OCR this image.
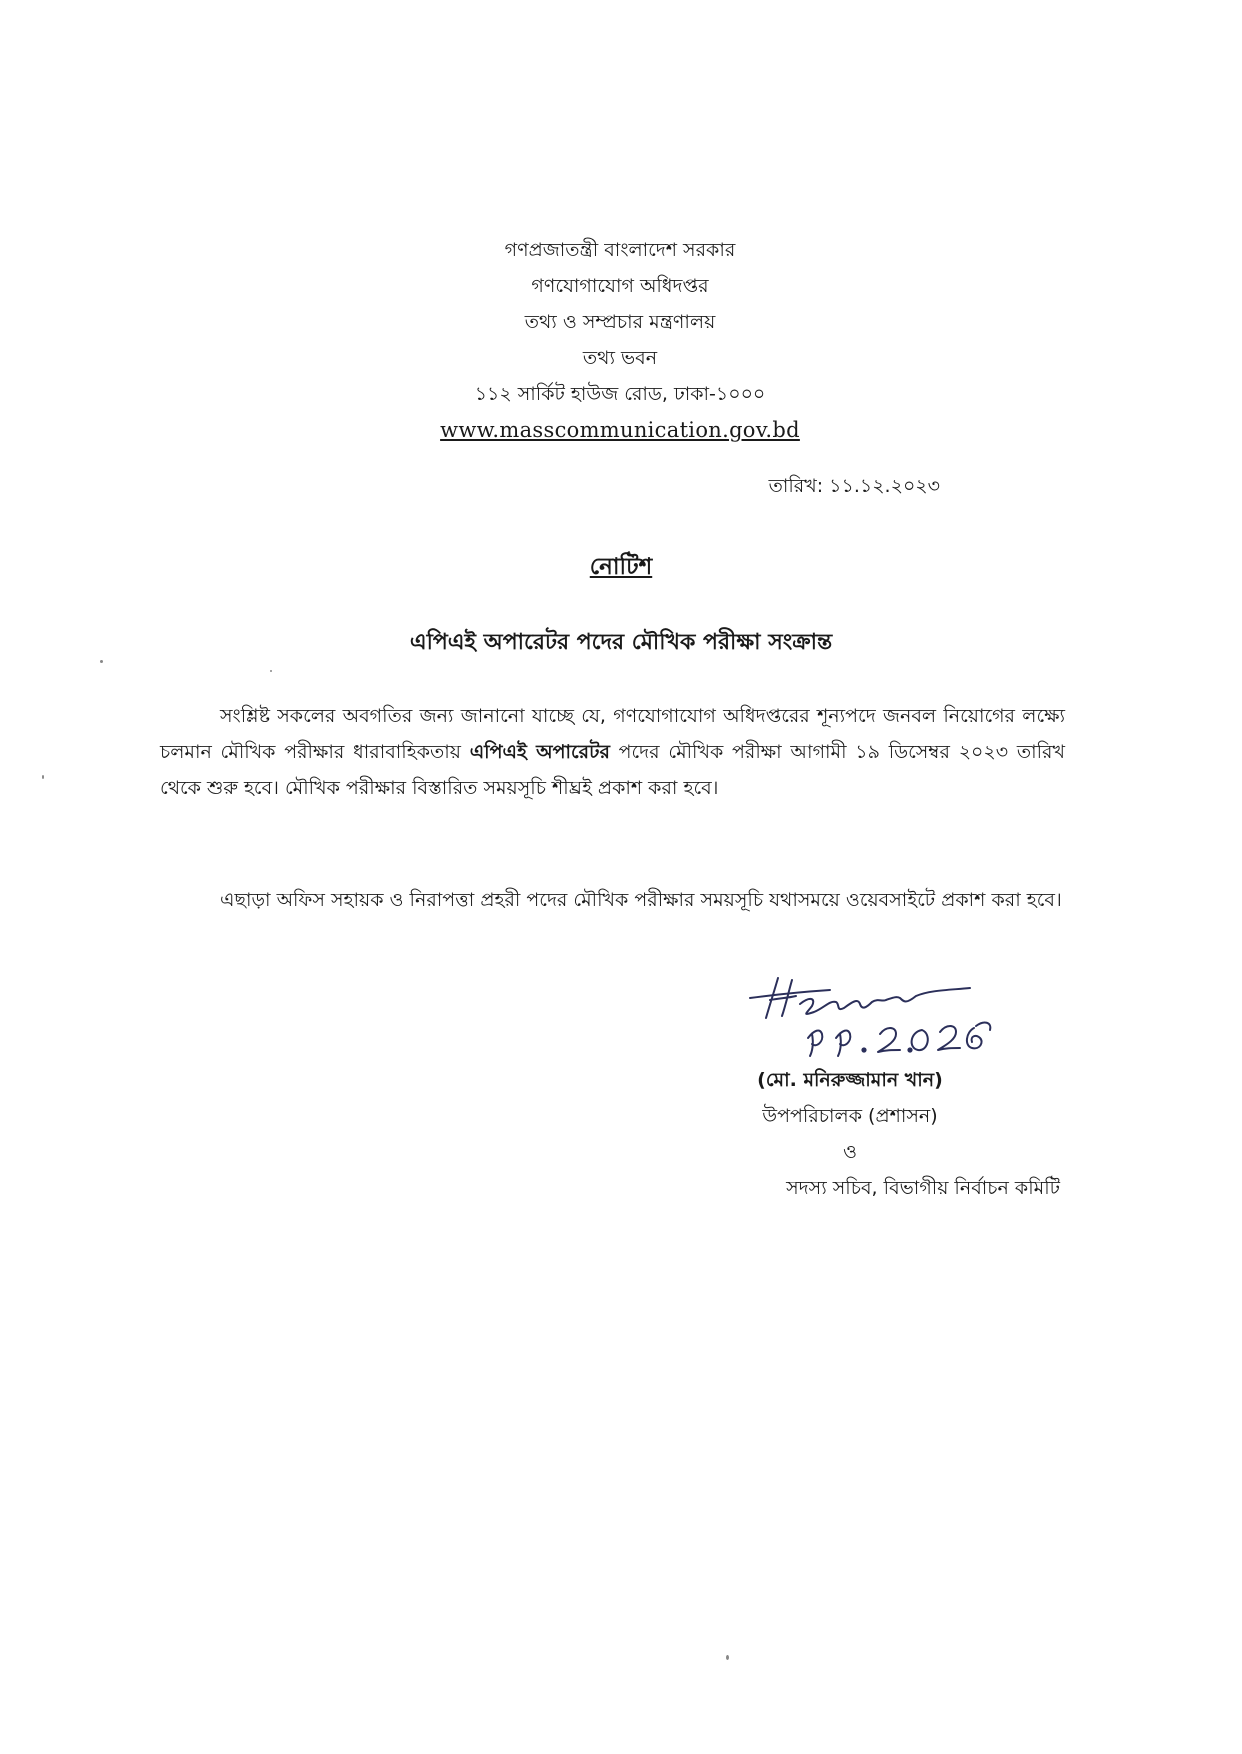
গণপ্রজাতন্ত্রী বাংলাদেশ সরকার
গণযোগাযোগ অধিদপ্তর
তথ্য ও সম্প্রচার মন্ত্রণালয়
তথ্য ভবন
১১২ সার্কিট হাউজ রোড, ঢাকা-১০০০
www.masscommunication.gov.bd
তারিখ: ১১.১২.২০২৩
নোটিশ
এপিএই অপারেটর পদের মৌখিক পরীক্ষা সংক্রান্ত

সংশ্লিষ্ট সকলের অবগতির জন্য জানানো যাচ্ছে যে, গণযোগাযোগ অধিদপ্তরের শূন্যপদে জনবল নিয়োগের লক্ষ্যে চলমান মৌখিক পরীক্ষার ধারাবাহিকতায় এপিএই অপারেটর পদের মৌখিক পরীক্ষা আগামী ১৯ ডিসেম্বর ২০২৩ তারিখ থেকে শুরু হবে। মৌখিক পরীক্ষার বিস্তারিত সময়সূচি শীঘ্রই প্রকাশ করা হবে।

এছাড়া অফিস সহায়ক ও নিরাপত্তা প্রহরী পদের মৌখিক পরীক্ষার সময়সূচি যথাসময়ে ওয়েবসাইটে প্রকাশ করা হবে।

(মো. মনিরুজ্জামান খান)
উপপরিচালক (প্রশাসন)
ও
সদস্য সচিব, বিভাগীয় নির্বাচন কমিটি
